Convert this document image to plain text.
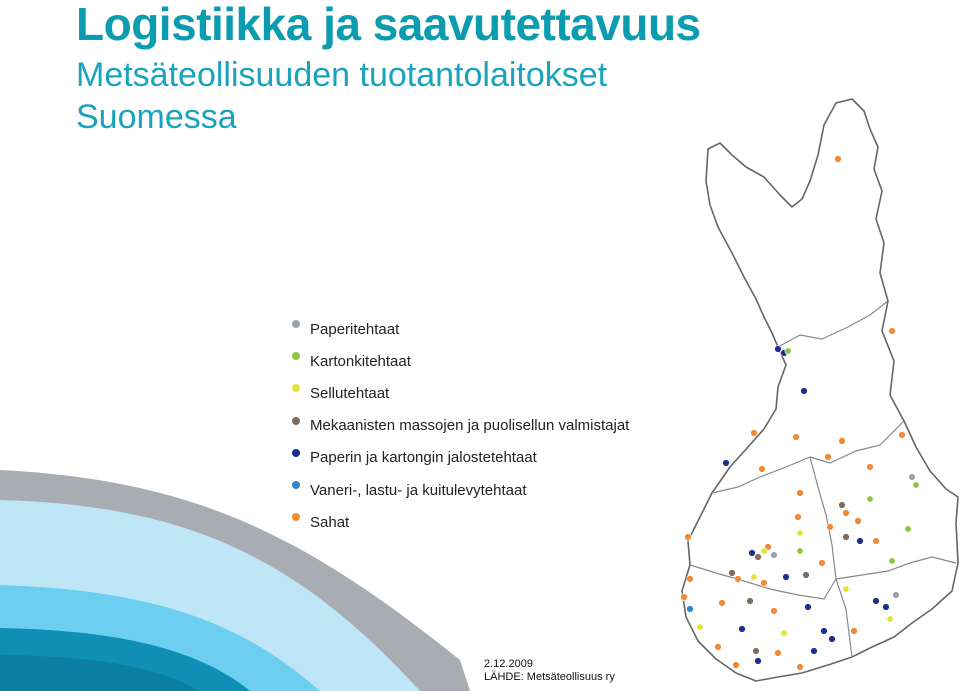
Logistiikka ja saavutettavuus
Metsäteollisuuden tuotantolaitokset Suomessa
Paperitehtaat
Kartonkitehtaat
Sellutehtaat
Mekaanisten massojen ja puolisellun valmistajat
Paperin ja kartongin jalostetehtaat
Vaneri-, lastu- ja kuitulevytehtaat
Sahat
2.12.2009
LÄHDE: Metsäteollisuus ry
